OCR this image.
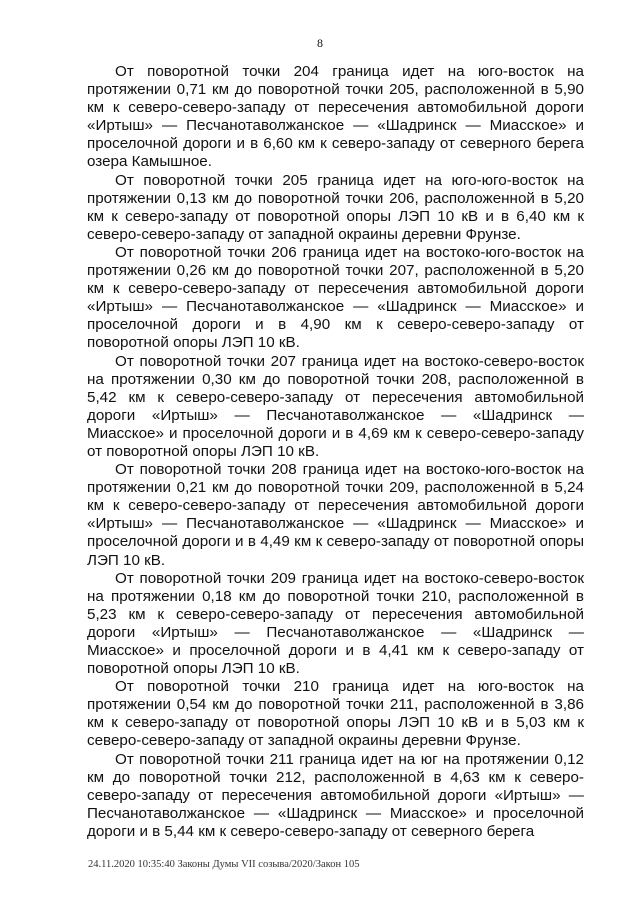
8

От поворотной точки 204 граница идет на юго-восток на протяжении 0,71 км до поворотной точки 205, расположенной в 5,90 км к северо-северо-западу от пересечения автомобильной дороги «Иртыш» — Песчанотаволжанское — «Шадринск — Миасское» и проселочной дороги и в 6,60 км к северо-западу от северного берега озера Камышное.

От поворотной точки 205 граница идет на юго-юго-восток на протяжении 0,13 км до поворотной точки 206, расположенной в 5,20 км к северо-западу от поворотной опоры ЛЭП 10 кВ и в 6,40 км к северо-северо-западу от западной окраины деревни Фрунзе.

От поворотной точки 206 граница идет на востоко-юго-восток на протяжении 0,26 км до поворотной точки 207, расположенной в 5,20 км к северо-северо-западу от пересечения автомобильной дороги «Иртыш» — Песчанотаволжанское — «Шадринск — Миасское» и проселочной дороги и в 4,90 км к северо-северо-западу от поворотной опоры ЛЭП 10 кВ.

От поворотной точки 207 граница идет на востоко-северо-восток на протяжении 0,30 км до поворотной точки 208, расположенной в 5,42 км к северо-северо-западу от пересечения автомобильной дороги «Иртыш» — Песчанотаволжанское — «Шадринск — Миасское» и проселочной дороги и в 4,69 км к северо-северо-западу от поворотной опоры ЛЭП 10 кВ.

От поворотной точки 208 граница идет на востоко-юго-восток на протяжении 0,21 км до поворотной точки 209, расположенной в 5,24 км к северо-северо-западу от пересечения автомобильной дороги «Иртыш» — Песчанотаволжанское — «Шадринск — Миасское» и проселочной дороги и в 4,49 км к северо-западу от поворотной опоры ЛЭП 10 кВ.

От поворотной точки 209 граница идет на востоко-северо-восток на протяжении 0,18 км до поворотной точки 210, расположенной в 5,23 км к северо-северо-западу от пересечения автомобильной дороги «Иртыш» — Песчанотаволжанское — «Шадринск — Миасское» и проселочной дороги и в 4,41 км к северо-западу от поворотной опоры ЛЭП 10 кВ.

От поворотной точки 210 граница идет на юго-восток на протяжении 0,54 км до поворотной точки 211, расположенной в 3,86 км к северо-западу от поворотной опоры ЛЭП 10 кВ и в 5,03 км к северо-северо-западу от западной окраины деревни Фрунзе.

От поворотной точки 211 граница идет на юг на протяжении 0,12 км до поворотной точки 212, расположенной в 4,63 км к северо-северо-западу от пересечения автомобильной дороги «Иртыш» — Песчанотаволжанское — «Шадринск — Миасское» и проселочной дороги и в 5,44 км к северо-северо-западу от северного берега

24.11.2020 10:35:40 Законы Думы VII созыва/2020/Закон 105
